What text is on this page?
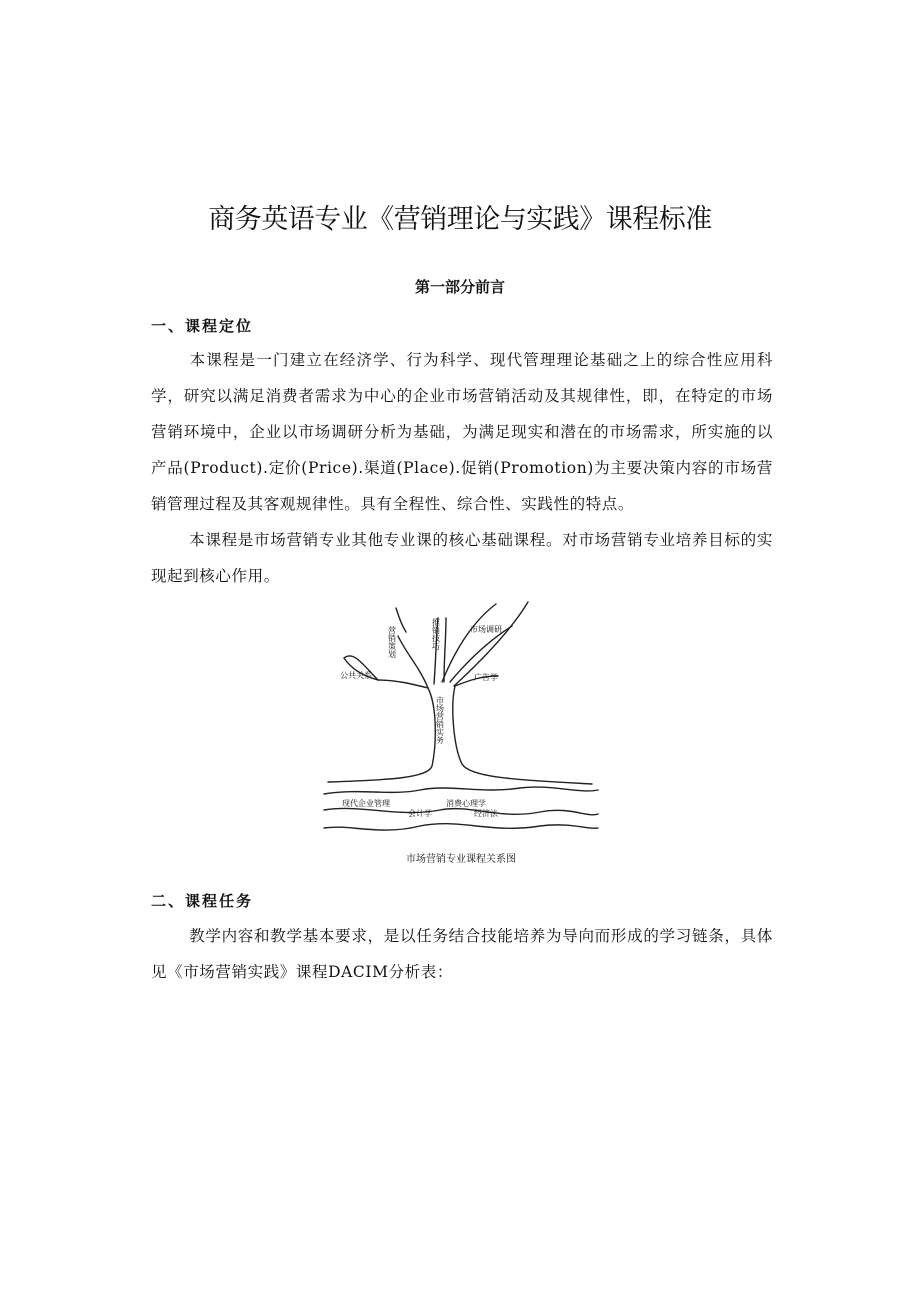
商务英语专业《营销理论与实践》课程标准
第一部分前言
一、课程定位

本课程是一门建立在经济学、行为科学、现代管理理论基础之上的综合性应用科学，研究以满足消费者需求为中心的企业市场营销活动及其规律性，即，在特定的市场营销环境中，企业以市场调研分析为基础，为满足现实和潜在的市场需求，所实施的以产品(Product).定价(Price).渠道(Place).促销(Promotion)为主要决策内容的市场营销管理过程及其客观规律性。具有全程性、综合性、实践性的特点。

本课程是市场营销专业其他专业课的核心基础课程。对市场营销专业培养目标的实现起到核心作用。

营销策划	推销技巧	市场调研
公共关系	广告学
市场营销实务
现代企业管理	消费心理学
会计学	经济法
市场营销专业课程关系图
二、课程任务

教学内容和教学基本要求，是以任务结合技能培养为导向而形成的学习链条，具体见《市场营销实践》课程DACIM分析表：
